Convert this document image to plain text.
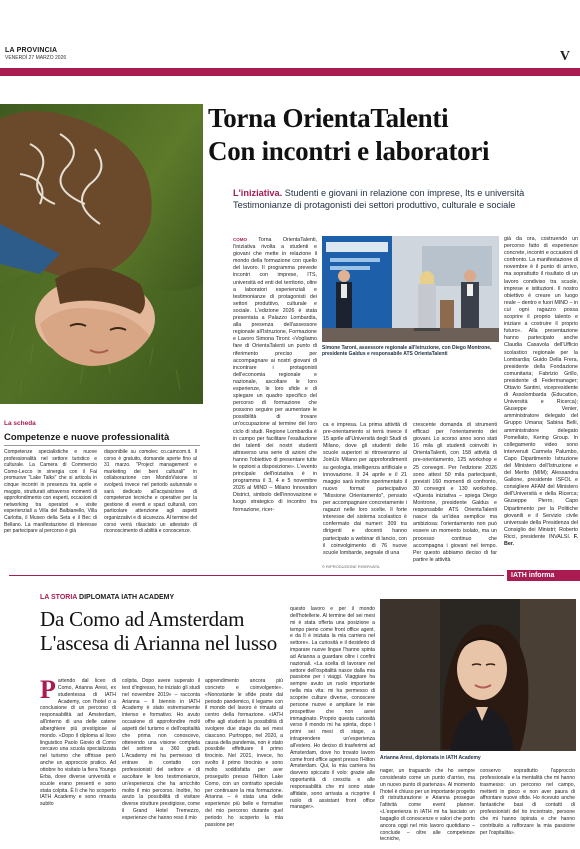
LA PROVINCIA
VENERDÌ 27 MARZO 2026	V
La scheda
Competenze e nuove professionalità
Competenze specialistiche e nuove professionalità nel settore turistico e culturale. La Camera di Commercio Como-Lecco in sinergia con il Fai promuove "Lake Talks" che si articola in cinque incontri in presenza tra aprile e maggio, strutturati attraverso momenti di approfondimento con esperti, occasioni di networking tra operatori e visite esperienziali a Villa del Balbianello, Villa Carlotta, il Museo della Seta e il Bec di Bellano. La manifestazione di interesse per partecipare al percorso è già
disponibile su comolec co.camcom.it. Il corso è gratuito, domande aperte fino al 31 marzo. "Project management e marketing dei beni culturali" in collaborazione con MondoVisione si svolgerà invece nel periodo autunnale e sarà dedicato all'acquisizione di competenze tecniche e operative per la gestione di eventi e spazi culturali, con particolare attenzione agli aspetti organizzativi e di sicurezza. Al termine del corso verrà rilasciato un attestato di riconoscimento di abilità e conoscenze.
Torna OrientaTalenti
Con incontri e laboratori
L'iniziativa. Studenti e giovani in relazione con imprese, Its e università Testimonianze di protagonisti dei settori produttivo, culturale e sociale
COMO Torna OrientaTalenti, l'iniziativa rivolta a studenti e giovani che mette in relazione il mondo della formazione con quello del lavoro. Il programma prevede incontri con imprese, ITS, università ed enti del territorio, oltre a laboratori esperienziali e testimonianze di protagonisti dei settori produttivo, culturale e sociale. L'edizione 2026 è stata presentata a Palazzo Lombardia, alla presenza dell'assessore regionale all'Istruzione, Formazione e Lavoro Simona Tironi: «Vogliamo fare di OrientaTalenti un punto di riferimento preciso per accompagnare ai nostri giovani di incontrare i protagonisti dell'economia regionale e nazionale, ascoltare le loro esperienze, le loro sfide e di spiegare un quadro specifico del percorso di formazione che possono seguire per aumentare le possibilità di trovare un'occupazione al termine del loro ciclo di studi. Regione Lombardia è in campo per facilitare l'esaltazione dei talenti dei nostri studenti attraverso una serie di azioni che hanno l'obiettivo di presentare tutte le opzioni a disposizione». L'evento principale dell'iniziativa è in programma il 3, 4 e 5 novembre 2026 al MIND – Milano Innovation District, simbolo dell'innovazione e luogo strategico di incontro tra formazione, ricer-
Simone Taroni, assessore regionale all'Istruzione, con Diego Montrone, presidente Galdus e responsabile ATS OrientaTalenti
ca e impresa. La prima attività di pre-orientamento si terrà invece il 15 aprile all'Università degli Studi di Milano, dove gli studenti delle scuole superiori si ritroveranno al JoinUs Milano per approfondimenti su geologia, intelligenza artificiale e innovazione. Il 24 aprile e il 21 maggio sarà inoltre sperimentato il nuovo format partecipativo "Missione Orientamento", pensato per accompagnare concretamente i ragazzi nelle loro scelte. Il forte interesse del sistema scolastico è confermato dai numeri: 309 tra dirigenti e docenti hanno partecipato a webinar di lancio, con il coinvolgimento di 76 nuove scuole lombarde, segnale di una
crescente domanda di strumenti efficaci per l'orientamento dei giovani. Lo scorso anno sono stati 16 mila gli studenti coinvolti in OrientaTalenti, con 158 attività di pre-orientamento, 125 workshop e 25 convegni. Per l'edizione 2026 sono attesi 50 mila partecipanti, previsti 160 momenti di confronto, 30 convegni e 130 workshop. «Questa iniziativa – spiega Diego Montrone, presidente Galdus e responsabile ATS OrientaTalenti nasce da un'idea semplice ma ambiziosa: l'orientamento non può essere un momento isolato, ma un processo continuo che accompagna i giovani nel tempo. Per questo abbiamo deciso di far partire le attività
già da ora, costruendo un percorso fatto di esperienze concrete, incontri e occasioni di confronto. La manifestazione di novembre è il punto di arrivo, ma soprattutto il risultato di un lavoro condiviso tra scuole, imprese e istituzioni. Il nostro obiettivo è creare un luogo reale – dentro e fuori MIND – in cui ogni ragazzo possa scoprire il proprio talento e iniziare a costruire il proprio futuro». Alla presentazione hanno partecipato anche Claudia Casavola dell'Ufficio scolastico regionale per la Lombardia; Guido Della Frera, presidente della Fondazione comunitaria; Fabrizio Grillo, presidente di Federmanager; Ottavio Santini, vicepresidente di Assolombarda (Education, Università e Ricerca); Giuseppe Venier, amministratore delegato del Gruppo Umana; Sabina Belli, amministratore delegato Pomellato, Kering Group. In collegamento video sono intervenuti Carmela Palumbo, Capo Dipartimento Istruzione del Ministero dell'Istruzione e del Merito (MIM); Alessandra Gallone, presidente ISFOL e consigliere AFAM del Ministero dell'Università e della Ricerca; Giuseppe Pierro, Capo Dipartimento per la Politiche giovanili e il Servizio civile universale della Presidenza del Consiglio dei Ministri; Roberto Ricci, presidente INVALSI. F. Ber.
© RIPRODUZIONE RISERVATA
IATH informa
LA STORIA DIPLOMATA IATH ACADEMY
Da Como ad Amsterdam
L'ascesa di Arianna nel lusso
Partendo dal liceo di Como, Arianna Aresi, ex studentessa di IATH Academy, con l'hotel o a conclusione di un percorso di responsabilità ad Amsterdam, all'interno di una delle catene alberghiere più prestigiose al mondo. «Dopo il diploma al liceo linguistico Paolo Giovio di Como cercavo una scuola specializzata nel turismo che offrisse però anche un approccio pratico. Ad ottobre ho visitato la fiera Youngs Erba, dove diverse università e scuole erano presenti e sono stata colpita. È lì che ho scoperto IATH Academy e sono rimasta subito
colpita. Dopo avere superato il test d'ingresso, ho iniziato gli studi nel novembre 2019» – racconta Arianna – Il biennio in IATH Academy è stato estremamente intenso e formativo. Ho avuto occasione di approfondire molti aspetti del turismo e dell'ospitalità che prima non conoscevo, ottenendo una visione completa del settore a 360 gradi. L'Academy mi ha permesso di entrare in contatto con professionisti del settore e di ascoltare le loro testimonianze, un'esperienza che ha arricchito molto il mio percorso. Inoltre, ho avuto la possibilità di visitare diverse strutture prestigiose, come il Grand Hotel Tremezzo, esperienze che hanno reso il mio
apprendimento ancora più concreto e coinvolgente». «Nonostante le sfide poste dal periodo pandemico, il legame con il mondo del lavoro è rimasto al centro della formazione. «IATH offre agli studenti la possibilità di svolgere due stage da sei mesi ciascuno. Purtroppo, nel 2020, a causa della pandemia, non è stato possibile effettuare il primo tirocinio. Nel 2021, invece, ho svolto il primo tirocinio e sono molto soddisfatta per aver proseguito presso l'Hilton Lake Como, con un contratto speciale per continuare la mia formazione. Arianna – è stata una delle esperienze più belle e formative del mio percorso durante quel periodo ho scoperto la mia passione per
questo lavoro e per il mondo dell'hotellerie. Al termine del sei mesi mi è stata offerta una posizione a tempo pieno come front office agent, e da lì è iniziata la mia carriera nel settore». La curiosità e il desiderio di imparare nuove lingue l'hanno spinta ad Arianna a guardare oltre i confini nazionali. «La scelta di lavorare nel settore dell'ospitalità nasce dalla mia passione per i viaggi. Viaggiare ha sempre avuto un ruolo importante nella mia vita: mi ha permesso di scoprire culture diverse, conoscere persone nuove e ampliare le mie prospettive che non avrei immaginato. Proprio questa curiosità verso il mondo mi ha spinta, dopo i primi sei mesi di stage, a intraprendere un'esperienza all'estero. Ho deciso di trasferirmi ad Amsterdam, dove ho trovato lavoro come front office agent presso l'Hilton Amsterdam. Qui, la mia carriera ha davvero spiccato il volo: grazie alle opportunità di crescita e alle responsabilità che mi sono state affidate, sono arrivata a ricoprire il ruolo di assistant front office manager».
Arianna Aresi, diplomata in IATH Academy
nager, un traguardo che ho sempre considerato come un punto d'arrivo, ma un nuovo punto di partenza». Al momento l'hotel è chiuso per un importante progetto di ristrutturazione e Arianna prosegue l'attività come event planner. «L'esperienza in IATH mi ha lasciato un bagaglio di conoscenze e valori che porto ancora oggi nel mio lavoro quotidiano – conclude – oltre alle competenze tecniche,
conservo soprattutto l'approccio professionale e la mentalità che mi hanno trasmesso: un percorso nel campo, metterti in gioco e non aver paura di affrontare nuove sfide. Ho ricevuto anche fantastiche basi di contatti di professionisti del tio incontrato, persone che mi hanno ispirata e che hanno contribuito a rafforzare la mia passione per l'ospitalità».
